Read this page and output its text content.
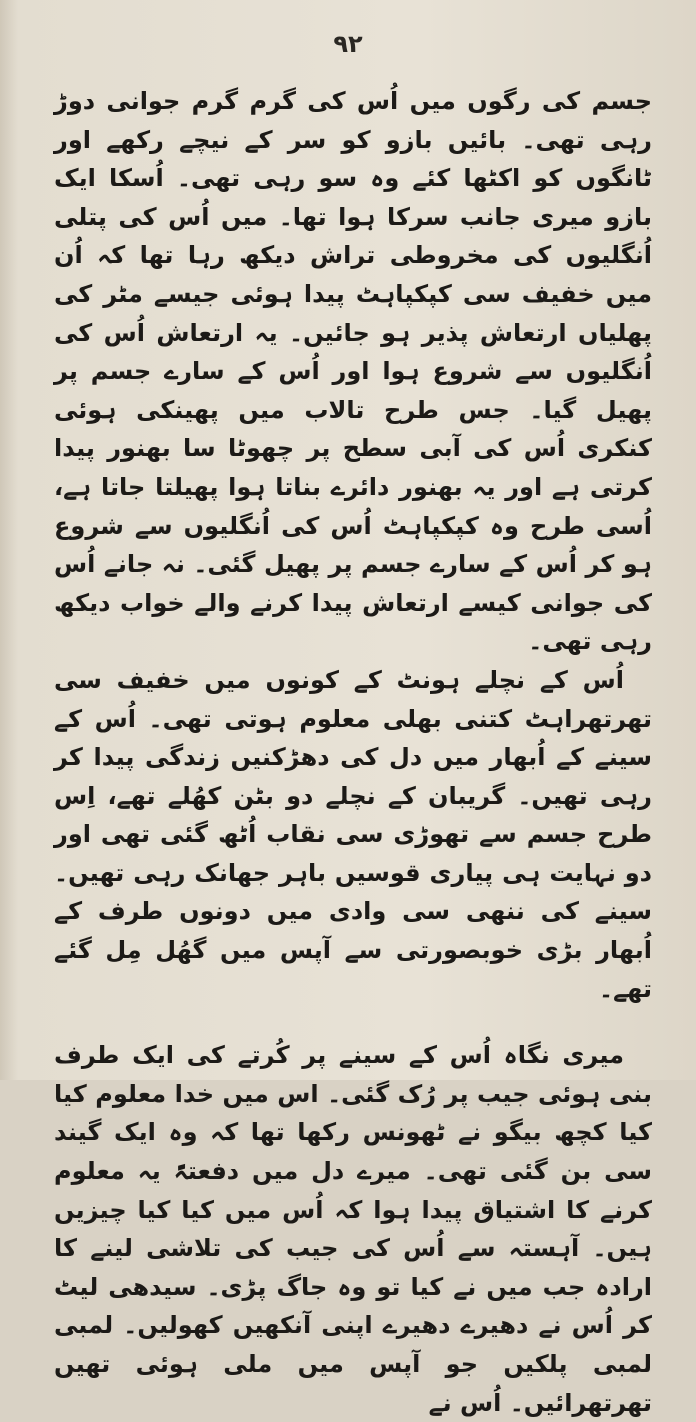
۹۲

جسم کی رگوں میں اُس کی گرم گرم جوانی دوڑ رہی تھی۔ بائیں بازو کو سر کے نیچے رکھے اور ٹانگوں کو اکٹھا کئے وہ سو رہی تھی۔ اُسکا ایک بازو میری جانب سرکا ہوا تھا۔ میں اُس کی پتلی اُنگلیوں کی مخروطی تراش دیکھ رہا تھا کہ اُن میں خفیف سی کپکپاہٹ پیدا ہوئی جیسے مٹر کی پھلیاں ارتعاش پذیر ہو جائیں۔ یہ ارتعاش اُس کی اُنگلیوں سے شروع ہوا اور اُس کے سارے جسم پر پھیل گیا۔ جس طرح تالاب میں پھینکی ہوئی کنکری اُس کی آبی سطح پر چھوٹا سا بھنور پیدا کرتی ہے اور یہ بھنور دائرے بناتا ہوا پھیلتا جاتا ہے، اُسی طرح وہ کپکپاہٹ اُس کی اُنگلیوں سے شروع ہو کر اُس کے سارے جسم پر پھیل گئی۔ نہ جانے اُس کی جوانی کیسے ارتعاش پیدا کرنے والے خواب دیکھ رہی تھی۔

اُس کے نچلے ہونٹ کے کونوں میں خفیف سی تھرتھراہٹ کتنی بھلی معلوم ہوتی تھی۔ اُس کے سینے کے اُبھار میں دل کی دھڑکنیں زندگی پیدا کر رہی تھیں۔ گریبان کے نچلے دو بٹن کھُلے تھے، اِس طرح جسم سے تھوڑی سی نقاب اُٹھ گئی تھی اور دو نہایت ہی پیاری قوسیں باہر جھانک رہی تھیں۔ سینے کی ننھی سی وادی میں دونوں طرف کے اُبھار بڑی خوبصورتی سے آپس میں گھُل مِل گئے تھے۔

میری نگاہ اُس کے سینے پر کُرتے کی ایک طرف بنی ہوئی جیب پر رُک گئی۔ اس میں خدا معلوم کیا کیا کچھ بیگو نے ٹھونس رکھا تھا کہ وہ ایک گیند سی بن گئی تھی۔ میرے دل میں دفعتہً یہ معلوم کرنے کا اشتیاق پیدا ہوا کہ اُس میں کیا کیا چیزیں ہیں۔ آہستہ سے اُس کی جیب کی تلاشی لینے کا ارادہ جب میں نے کیا تو وہ جاگ پڑی۔ سیدھی لیٹ کر اُس نے دھیرے دھیرے اپنی آنکھیں کھولیں۔ لمبی لمبی پلکیں جو آپس میں ملی ہوئی تھیں تھرتھرائیں۔ اُس نے
